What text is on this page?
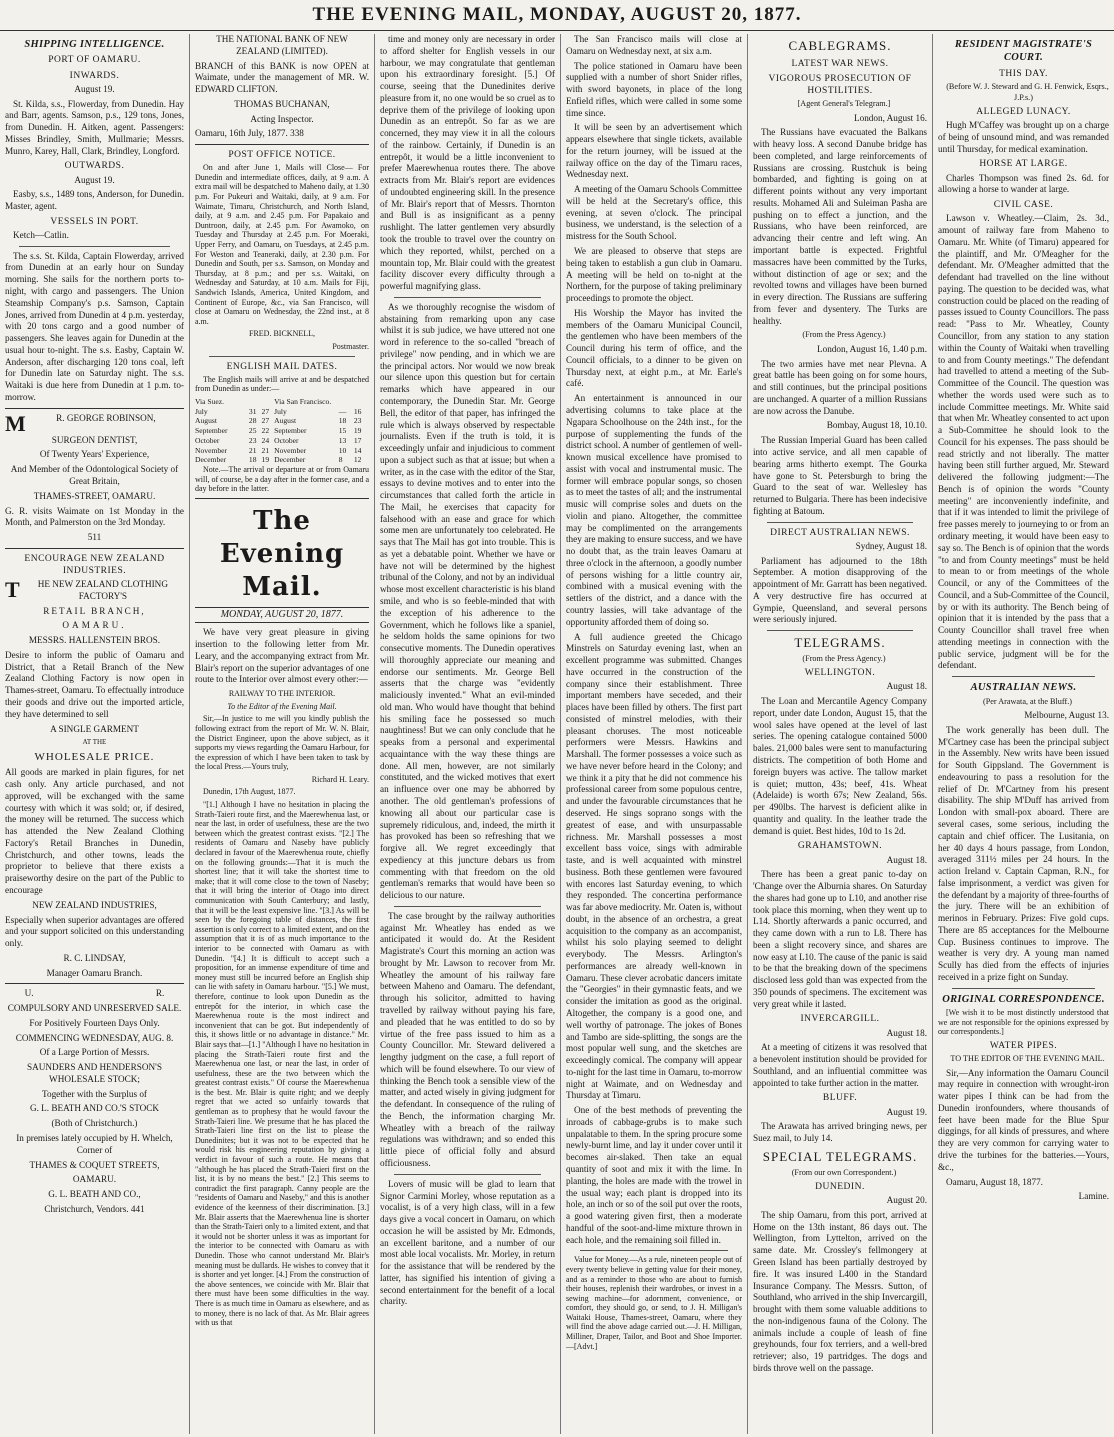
THE EVENING MAIL, MONDAY, AUGUST 20, 1877.
SHIPPING INTELLIGENCE.
PORT OF OAMARU.
INWARDS.

August 19.

St. Kilda, s.s., Flowerday, from Dunedin. Hay and Barr, agents. Samson, p.s., 129 tons, Jones, from Dunedin. H. Aitken, agent. Passengers: Misses Brindley, Smith, Mullmarie; Messrs. Munro, Karey, Hall, Clark, Brindley, Longford.

OUTWARDS.

August 19.

Easby, s.s., 1489 tons, Anderson, for Dunedin. Master, agent.

VESSELS IN PORT.

Ketch—Catlin.

The s.s. St. Kilda, Captain Flowerday, arrived from Dunedin at an early hour on Sunday morning. She sails for the northern ports to-night, with cargo and passengers. The Union Steamship Company's p.s. Samson, Captain Jones, arrived from Dunedin at 4 p.m. yesterday, with 20 tons cargo and a good number of passengers. She leaves again for Dunedin at the usual hour to-night. The s.s. Easby, Captain W. Anderson, after discharging 120 tons coal, left for Dunedin late on Saturday night. The s.s. Waitaki is due here from Dunedin at 1 p.m. to-morrow.

M	R. GEORGE ROBINSON,

SURGEON DENTIST,

Of Twenty Years' Experience,

And Member of the Odontological Society of Great Britain,

THAMES-STREET, OAMARU.

G. R. visits Waimate on 1st Monday in the Month, and Palmerston on the 3rd Monday.

511

ENCOURAGE NEW ZEALAND INDUSTRIES.

T HE NEW ZEALAND CLOTHING FACTORY'S

RETAIL BRANCH,

OAMARU.

MESSRS. HALLENSTEIN BROS.

Desire to inform the public of Oamaru and District, that a Retail Branch of the New Zealand Clothing Factory is now open in Thames-street, Oamaru. To effectually introduce their goods and drive out the imported article, they have determined to sell

A SINGLE GARMENT

AT THE

WHOLESALE PRICE.

All goods are marked in plain figures, for net cash only. Any article purchased, and not approved, will be exchanged with the same courtesy with which it was sold; or, if desired, the money will be returned. The success which has attended the New Zealand Clothing Factory's Retail Branches in Dunedin, Christchurch, and other towns, leads the proprietor to believe that there exists a praiseworthy desire on the part of the Public to encourage

NEW ZEALAND INDUSTRIES,

Especially when superior advantages are offered and your support solicited on this understanding only.

R. C. LINDSAY,

Manager Oamaru Branch.

U. R.

COMPULSORY AND UNRESERVED SALE.

For Positively Fourteen Days Only.

COMMENCING WEDNESDAY, AUG. 8.

Of a Large Portion of Messrs.

SAUNDERS AND HENDERSON'S WHOLESALE STOCK;

Together with the Surplus of

G. L. BEATH AND CO.'S STOCK

(Both of Christchurch.)

In premises lately occupied by H. Whelch, Corner of

THAMES & COQUET STREETS,

OAMARU.

G. L. BEATH AND CO.,

Christchurch, Vendors. 441

THE NATIONAL BANK OF NEW ZEALAND (LIMITED).

BRANCH of this BANK is now OPEN at Waimate, under the management of MR. W. EDWARD CLIFTON.

THOMAS BUCHANAN,

Acting Inspector.

Oamaru, 16th July, 1877. 338

POST OFFICE NOTICE.

On and after June 1, Mails will Close— For Dunedin and intermediate offices, daily, at 9 a.m. A extra mail will be despatched to Maheno daily, at 1.30 p.m. For Pukeuri and Waitaki, daily, at 9 a.m. For Waimate, Timaru, Christchurch, and North Island, daily, at 9 a.m. and 2.45 p.m. For Papakaio and Duntroon, daily, at 2.45 p.m. For Awamoko, on Tuesday and Thursday at 2.45 p.m. For Moeraki, Upper Ferry, and Oamaru, on Tuesdays, at 2.45 p.m. For Weston and Teaneraki, daily, at 2.30 p.m. For Dunedin and South, per s.s. Samson, on Monday and Thursday, at 8 p.m.; and per s.s. Waitaki, on Wednesday and Saturday, at 10 a.m. Mails for Fiji, Sandwich Islands, America, United Kingdom, and Continent of Europe, &c., via San Francisco, will close at Oamaru on Wednesday, the 22nd inst., at 8 a.m.

FRED. BICKNELL,

Postmaster.

ENGLISH MAIL DATES.

The English mails will arrive at and be despatched from Dunedin as under:—

Via Suez.			Via San Francisco.		
July	31	27	July	—	16
August	28	27	August	18	23
September	25	22	September	15	19
October	23	24	October	13	17
November	21	21	November	10	14
December	18	19	December	8	12

Note.—The arrival or departure at or from Oamaru will, of course, be a day after in the former case, and a day before in the latter.

The Evening Mail.
MONDAY, AUGUST 20, 1877.

We have very great pleasure in giving insertion to the following letter from Mr. Leary, and the accompanying extract from Mr. Blair's report on the superior advantages of one route to the Interior over almost every other:—

RAILWAY TO THE INTERIOR.

To the Editor of the Evening Mail.

Sir,—In justice to me will you kindly publish the following extract from the report of Mr. W. N. Blair, the District Engineer, upon the above subject, as it supports my views regarding the Oamaru Harbour, for the expression of which I have been taken to task by the local Press.—Yours truly,

Richard H. Leary.

Dunedin, 17th August, 1877.

"[1.] Although I have no hesitation in placing the Strath-Taieri route first, and the Maerewhenua last, or near the last, in order of usefulness, these are the two between which the greatest contrast exists. "[2.] The residents of Oamaru and Naseby have publicly declared in favour of the Maerewhenua route, chiefly on the following grounds:—That it is much the shortest line; that it will take the shortest time to make; that it will come close to the town of Naseby; that it will bring the interior of Otago into direct communication with South Canterbury; and lastly, that it will be the least expensive line. "[3.] As will be seen by the foregoing table of distances, the first assertion is only correct to a limited extent, and on the assumption that it is of as much importance to the interior to be connected with Oamaru as with Dunedin. "[4.] It is difficult to accept such a proposition, for an immense expenditure of time and money must still be incurred before an English ship can lie with safety in Oamaru harbour. "[5.] We must, therefore, continue to look upon Dunedin as the entrepôt for the interior, in which case the Maerewhenua route is the most indirect and inconvenient that can be got. But independently of this, it shows little or no advantage in distance." Mr. Blair says that—[1.] "Although I have no hesitation in placing the Strath-Taieri route first and the Maerewhenua one last, or near the last, in order of usefulness, these are the two between which the greatest contrast exists." Of course the Maerewhenua is the best. Mr. Blair is quite right; and we deeply regret that we acted so unfairly towards that gentleman as to prophesy that he would favour the Strath-Taieri line. We presume that he has placed the Strath-Taieri line first on the list to please the Dunedinites; but it was not to be expected that he would risk his engineering reputation by giving a verdict in favour of such a route. He means that "although he has placed the Strath-Taieri first on the list, it is by no means the best." [2.] This seems to contradict the first paragraph. Canny people are the "residents of Oamaru and Naseby," and this is another evidence of the keenness of their discrimination. [3.] Mr. Blair asserts that the Maerewhenua line is shorter than the Strath-Taieri only to a limited extent, and that it would not be shorter unless it was as important for the interior to be connected with Oamaru as with Dunedin. Those who cannot understand Mr. Blair's meaning must be dullards. He wishes to convey that it is shorter and yet longer. [4.] From the construction of the above sentences, we coincide with Mr. Blair that there must have been some difficulties in the way. There is as much time in Oamaru as elsewhere, and as to money, there is no lack of that. As Mr. Blair agrees with us that

time and money only are necessary in order to afford shelter for English vessels in our harbour, we may congratulate that gentleman upon his extraordinary foresight. [5.] Of course, seeing that the Dunedinites derive pleasure from it, no one would be so cruel as to deprive them of the privilege of looking upon Dunedin as an entrepôt. So far as we are concerned, they may view it in all the colours of the rainbow. Certainly, if Dunedin is an entrepôt, it would be a little inconvenient to prefer Maerewhenua routes there. The above extracts from Mr. Blair's report are evidences of undoubted engineering skill. In the presence of Mr. Blair's report that of Messrs. Thornton and Bull is as insignificant as a penny rushlight. The latter gentlemen very absurdly took the trouble to travel over the country on which they reported, whilst, perched on a mountain top, Mr. Blair could with the greatest facility discover every difficulty through a powerful magnifying glass.

As we thoroughly recognise the wisdom of abstaining from remarking upon any case whilst it is sub judice, we have uttered not one word in reference to the so-called "breach of privilege" now pending, and in which we are the principal actors. Nor would we now break our silence upon this question but for certain remarks which have appeared in our contemporary, the Dunedin Star. Mr. George Bell, the editor of that paper, has infringed the rule which is always observed by respectable journalists. Even if the truth is told, it is exceedingly unfair and injudicious to comment upon a subject such as that at issue; but when a writer, as in the case with the editor of the Star, essays to devine motives and to enter into the circumstances that called forth the article in The Mail, he exercises that capacity for falsehood with an ease and grace for which some men are unfortunately too celebrated. He says that The Mail has got into trouble. This is as yet a debatable point. Whether we have or have not will be determined by the highest tribunal of the Colony, and not by an individual whose most excellent characteristic is his bland smile, and who is so feeble-minded that with the exception of his adherence to the Government, which he follows like a spaniel, he seldom holds the same opinions for two consecutive moments. The Dunedin operatives will thoroughly appreciate our meaning and endorse our sentiments. Mr. George Bell asserts that the charge was "evidently maliciously invented." What an evil-minded old man. Who would have thought that behind his smiling face he possessed so much naughtiness! But we can only conclude that he speaks from a personal and experimental acquaintance with the way these things are done. All men, however, are not similarly constituted, and the wicked motives that exert an influence over one may be abhorred by another. The old gentleman's professions of knowing all about our particular case is supremely ridiculous, and, indeed, the mirth it has provoked has been so refreshing that we forgive all. We regret exceedingly that expediency at this juncture debars us from commenting with that freedom on the old gentleman's remarks that would have been so delicious to our nature.

The case brought by the railway authorities against Mr. Wheatley has ended as we anticipated it would do. At the Resident Magistrate's Court this morning an action was brought by Mr. Lawson to recover from Mr. Wheatley the amount of his railway fare between Maheno and Oamaru. The defendant, through his solicitor, admitted to having travelled by railway without paying his fare, and pleaded that he was entitled to do so by virtue of the free pass issued to him as a County Councillor. Mr. Steward delivered a lengthy judgment on the case, a full report of which will be found elsewhere. To our view of thinking the Bench took a sensible view of the matter, and acted wisely in giving judgment for the defendant. In consequence of the ruling of the Bench, the information charging Mr. Wheatley with a breach of the railway regulations was withdrawn; and so ended this little piece of official folly and absurd officiousness.

Lovers of music will be glad to learn that Signor Carmini Morley, whose reputation as a vocalist, is of a very high class, will in a few days give a vocal concert in Oamaru, on which occasion he will be assisted by Mr. Edmonds, an excellent baritone, and a number of our most able local vocalists. Mr. Morley, in return for the assistance that will be rendered by the latter, has signified his intention of giving a second entertainment for the benefit of a local charity.

The San Francisco mails will close at Oamaru on Wednesday next, at six a.m.

The police stationed in Oamaru have been supplied with a number of short Snider rifles, with sword bayonets, in place of the long Enfield rifles, which were called in some some time since.

It will be seen by an advertisement which appears elsewhere that single tickets, available for the return journey, will be issued at the railway office on the day of the Timaru races, Wednesday next.

A meeting of the Oamaru Schools Committee will be held at the Secretary's office, this evening, at seven o'clock. The principal business, we understand, is the selection of a mistress for the South School.

We are pleased to observe that steps are being taken to establish a gun club in Oamaru. A meeting will be held on to-night at the Northern, for the purpose of taking preliminary proceedings to promote the object.

His Worship the Mayor has invited the members of the Oamaru Municipal Council, the gentlemen who have been members of the Council during his term of office, and the Council officials, to a dinner to be given on Thursday next, at eight p.m., at Mr. Earle's café.

An entertainment is announced in our advertising columns to take place at the Ngapara Schoolhouse on the 24th inst., for the purpose of supplementing the funds of the district school. A number of gentlemen of well-known musical excellence have promised to assist with vocal and instrumental music. The former will embrace popular songs, so chosen as to meet the tastes of all; and the instrumental music will comprise soles and duets on the violin and piano. Altogether, the committee may be complimented on the arrangements they are making to ensure success, and we have no doubt that, as the train leaves Oamaru at three o'clock in the afternoon, a goodly number of persons wishing for a little country air, combined with a musical evening with the settlers of the district, and a dance with the country lassies, will take advantage of the opportunity afforded them of doing so.

A full audience greeted the Chicago Minstrels on Saturday evening last, when an excellent programme was submitted. Changes have occurred in the construction of the company since their establishment. Three important members have seceded, and their places have been filled by others. The first part consisted of minstrel melodies, with their pleasant choruses. The most noticeable performers were Messrs. Hawkins and Marshall. The former possesses a voice such as we have never before heard in the Colony; and we think it a pity that he did not commence his professional career from some populous centre, and under the favourable circumstances that he deserved. He sings soprano songs with the greatest of ease, and with unsurpassable richness. Mr. Marshall possesses a most excellent bass voice, sings with admirable taste, and is well acquainted with minstrel business. Both these gentlemen were favoured with encores last Saturday evening, to which they responded. The concertina performance was far above mediocrity. Mr. Oaten is, without doubt, in the absence of an orchestra, a great acquisition to the company as an accompanist, whilst his solo playing seemed to delight everybody. The Messrs. Arlington's performances are already well-known in Oamaru. These clever acrobatic dancers imitate the "Georgies" in their gymnastic feats, and we consider the imitation as good as the original. Altogether, the company is a good one, and well worthy of patronage. The jokes of Bones and Tambo are side-splitting, the songs are the most popular well sung, and the sketches are exceedingly comical. The company will appear to-night for the last time in Oamaru, to-morrow night at Waimate, and on Wednesday and Thursday at Timaru.

One of the best methods of preventing the inroads of cabbage-grubs is to make such unpalatable to them. In the spring procure some newly-burnt lime, and lay it under cover until it becomes air-slaked. Then take an equal quantity of soot and mix it with the lime. In planting, the holes are made with the trowel in the usual way; each plant is dropped into its hole, an inch or so of the soil put over the roots, a good watering given first, then a moderate handful of the soot-and-lime mixture thrown in each hole, and the remaining soil filled in.

Value for Money.—As a rule, nineteen people out of every twenty believe in getting value for their money, and as a reminder to those who are about to furnish their houses, replenish their wardrobes, or invest in a sewing machine—for adornment, convenience, or comfort, they should go, or send, to J. H. Milligan's Waitaki House, Thames-street, Oamaru, where they will find the above adage carried out.—J. H. Milligan, Milliner, Draper, Tailor, and Boot and Shoe Importer.—[Advt.]

CABLEGRAMS.
LATEST WAR NEWS.
VIGOROUS PROSECUTION OF HOSTILITIES.

[Agent General's Telegram.]

London, August 16.

The Russians have evacuated the Balkans with heavy loss. A second Danube bridge has been completed, and large reinforcements of Russians are crossing. Rustchuk is being bombarded, and fighting is going on at different points without any very important results. Mohamed Ali and Suleiman Pasha are pushing on to effect a junction, and the Russians, who have been reinforced, are advancing their centre and left wing. An important battle is expected. Frightful massacres have been committed by the Turks, without distinction of age or sex; and the revolted towns and villages have been burned in every direction. The Russians are suffering from fever and dysentery. The Turks are healthy.

(From the Press Agency.)

London, August 16, 1.40 p.m.

The two armies have met near Plevna. A great battle has been going on for some hours, and still continues, but the principal positions are unchanged. A quarter of a million Russians are now across the Danube.

Bombay, August 18, 10.10.

The Russian Imperial Guard has been called into active service, and all men capable of bearing arms hitherto exempt. The Gourka have gone to St. Petersburgh to bring the Guard to the seat of war. Wellesley has returned to Bulgaria. There has been indecisive fighting at Batoum.

DIRECT AUSTRALIAN NEWS.

Sydney, August 18.

Parliament has adjourned to the 18th September. A motion disapproving of the appointment of Mr. Garratt has been negatived. A very destructive fire has occurred at Gympie, Queensland, and several persons were seriously injured.

TELEGRAMS.

(From the Press Agency.)

WELLINGTON.

August 18.

The Loan and Mercantile Agency Company report, under date London, August 15, that the wool sales have opened at the level of last series. The opening catalogue contained 5000 bales. 21,000 bales were sent to manufacturing districts. The competition of both Home and foreign buyers was active. The tallow market is quiet; mutton, 43s; beef, 41s. Wheat (Adelaide) is worth 67s; New Zealand, 56s. per 490lbs. The harvest is deficient alike in quantity and quality. In the leather trade the demand is quiet. Best hides, 10d to 1s 2d.

GRAHAMSTOWN.

August 18.

There has been a great panic to-day on 'Change over the Alburnia shares. On Saturday the shares had gone up to L10, and another rise took place this morning, when they went up to L14. Shortly afterwards a panic occurred, and they came down with a run to L8. There has been a slight recovery since, and shares are now easy at L10. The cause of the panic is said to be that the breaking down of the specimens disclosed less gold than was expected from the 350 pounds of specimens. The excitement was very great while it lasted.

INVERCARGILL.

August 18.

At a meeting of citizens it was resolved that a benevolent institution should be provided for Southland, and an influential committee was appointed to take further action in the matter.

BLUFF.

August 19.

The Arawata has arrived bringing news, per Suez mail, to July 14.

SPECIAL TELEGRAMS.

(From our own Correspondent.)

DUNEDIN.

August 20.

The ship Oamaru, from this port, arrived at Home on the 13th instant, 86 days out. The Wellington, from Lyttelton, arrived on the same date. Mr. Crossley's fellmongery at Green Island has been partially destroyed by fire. It was insured L400 in the Standard Insurance Company. The Messrs. Sutton, of Southland, who arrived in the ship Invercargill, brought with them some valuable additions to the non-indigenous fauna of the Colony. The animals include a couple of leash of fine greyhounds, four fox terriers, and a well-bred retriever; also, 19 partridges. The dogs and birds throve well on the passage.

RESIDENT MAGISTRATE'S COURT.
THIS DAY.

(Before W. J. Steward and G. H. Fenwick, Esqrs., J.P.s.)

ALLEGED LUNACY.

Hugh M'Caffey was brought up on a charge of being of unsound mind, and was remanded until Thursday, for medical examination.

HORSE AT LARGE.

Charles Thompson was fined 2s. 6d. for allowing a horse to wander at large.

CIVIL CASE.

Lawson v. Wheatley.—Claim, 2s. 3d., amount of railway fare from Maheno to Oamaru. Mr. White (of Timaru) appeared for the plaintiff, and Mr. O'Meagher for the defendant. Mr. O'Meagher admitted that the defendant had travelled on the line without paying. The question to be decided was, what construction could be placed on the reading of passes issued to County Councillors. The pass read: "Pass to Mr. Wheatley, County Councillor, from any station to any station within the County of Waitaki when travelling to and from County meetings." The defendant had travelled to attend a meeting of the Sub-Committee of the Council. The question was whether the words used were such as to include Committee meetings. Mr. White said that when Mr. Wheatley consented to act upon a Sub-Committee he should look to the Council for his expenses. The pass should be read strictly and not liberally. The matter having been still further argued, Mr. Steward delivered the following judgment:—The Bench is of opinion the words "County meeting" are inconveniently indefinite, and that if it was intended to limit the privilege of free passes merely to journeying to or from an ordinary meeting, it would have been easy to say so. The Bench is of opinion that the words "to and from County meetings" must be held to mean to or from meetings of the whole Council, or any of the Committees of the Council, and a Sub-Committee of the Council, by or with its authority. The Bench being of opinion that it is intended by the pass that a County Councillor shall travel free when attending meetings in connection with the public service, judgment will be for the defendant.

AUSTRALIAN NEWS.

(Per Arawata, at the Bluff.)

Melbourne, August 13.

The work generally has been dull. The M'Cartney case has been the principal subject in the Assembly. New writs have been issued for South Gippsland. The Government is endeavouring to pass a resolution for the relief of Dr. M'Cartney from his present disability. The ship M'Duff has arrived from London with small-pox aboard. There are several cases, some serious, including the captain and chief officer. The Lusitania, on her 40 days 4 hours passage, from London, averaged 311½ miles per 24 hours. In the action Ireland v. Captain Capman, R.N., for false imprisonment, a verdict was given for the defendant by a majority of three-fourths of the jury. There will be an exhibition of merinos in February. Prizes: Five gold cups. There are 85 acceptances for the Melbourne Cup. Business continues to improve. The weather is very dry. A young man named Scully has died from the effects of injuries received in a prize fight on Sunday.

ORIGINAL CORRESPONDENCE.

[We wish it to be most distinctly understood that we are not responsible for the opinions expressed by our correspondents.]

WATER PIPES.

TO THE EDITOR OF THE EVENING MAIL.

Sir,—Any information the Oamaru Council may require in connection with wrought-iron water pipes I think can be had from the Dunedin ironfounders, where thousands of feet have been made for the Blue Spur diggings, for all kinds of pressures, and where they are very common for carrying water to drive the turbines for the batteries.—Yours, &c.,

Oamaru, August 18, 1877.

Lamine.
